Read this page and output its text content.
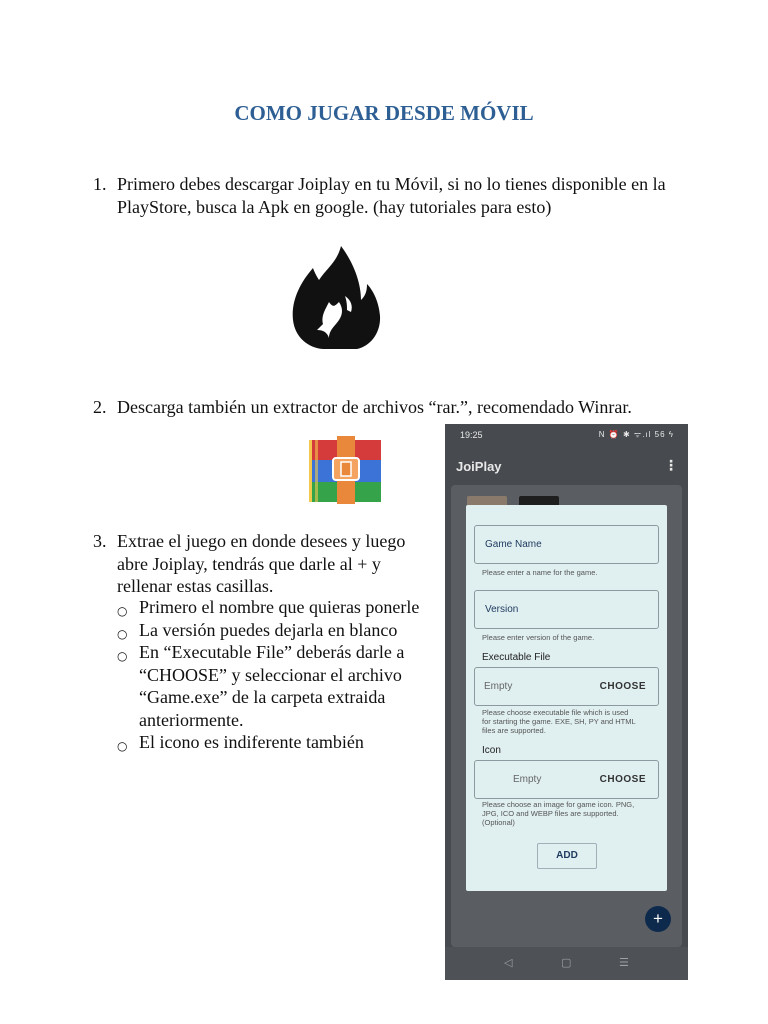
COMO JUGAR DESDE MÓVIL
1. Primero debes descargar Joiplay en tu Móvil, si no lo tienes disponible en la
PlayStore, busca la Apk en google. (hay tutoriales para esto)
2. Descarga también un extractor de archivos “rar.”, recomendado Winrar.
3. Extrae el juego en donde desees y luego
abre Joiplay, tendrás que darle al + y
rellenar estas casillas.
○ Primero el nombre que quieras ponerle
○ La versión puedes dejarla en blanco
○ En “Executable File” deberás darle a
“CHOOSE” y seleccionar el archivo
“Game.exe” de la carpeta extraida
anteriormente.
○ El icono es indiferente también
19:25	N ⏰ ✱ ᯤ.ıl 56 ϟ
JoiPlay	⋮
Game Name
Please enter a name for the game.
Version
Please enter version of the game.
Executable File
Empty	CHOOSE
Please choose executable file which is used
for starting the game. EXE, SH, PY and HTML
files are supported.
Icon
Empty	CHOOSE
Please choose an image for game icon. PNG,
JPG, ICO and WEBP files are supported.
(Optional)
ADD
+
◁	▢	☰
